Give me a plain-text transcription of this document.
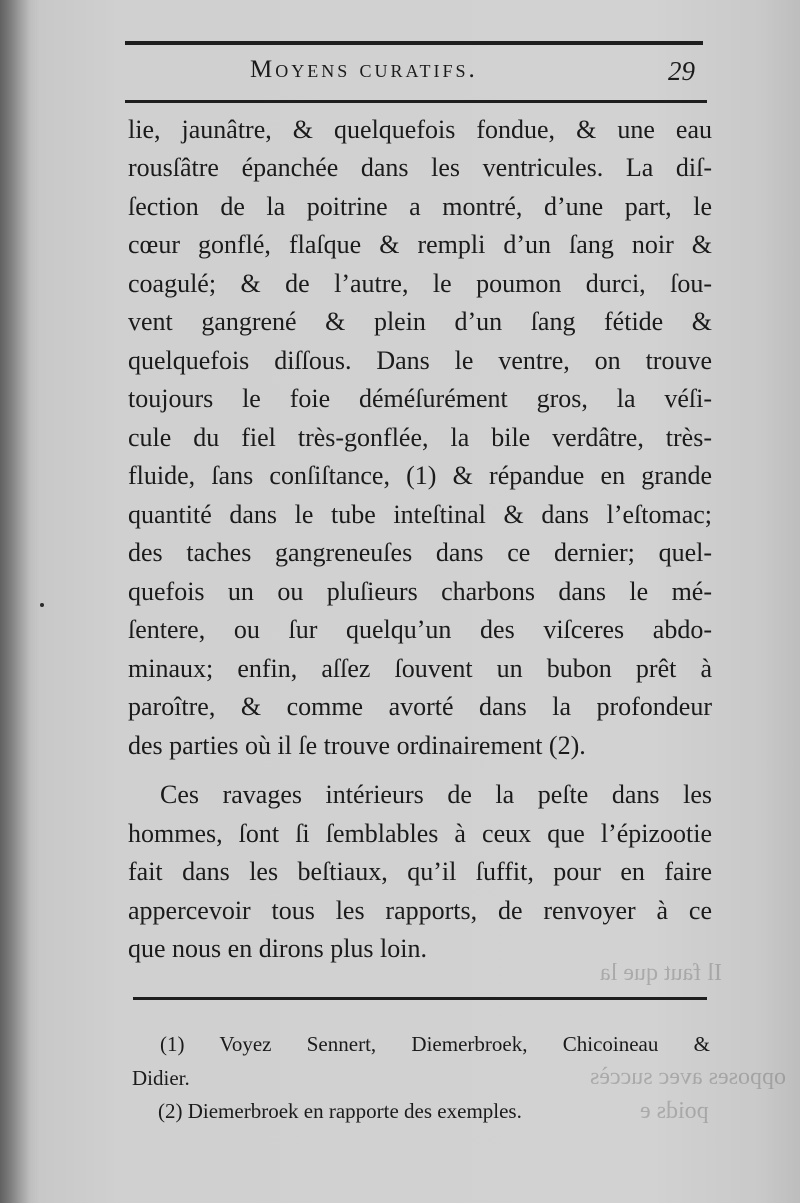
Il faut que la
opposes avec succès
poids e
Moyens curatifs.	29
lie, jaunâtre, & quelquefois fondue, & une eau
rousſâtre épanchée dans les ventricules. La diſ-
ſection de la poitrine a montré, d’une part, le
cœur gonflé, flaſque & rempli d’un ſang noir &
coagulé; & de l’autre, le poumon durci, ſou-
vent gangrené & plein d’un ſang fétide &
quelquefois diſſous. Dans le ventre, on trouve
toujours le foie déméſurément gros, la véſi-
cule du fiel très-gonflée, la bile verdâtre, très-
fluide, ſans conſiſtance, (1) & répandue en grande
quantité dans le tube inteſtinal & dans l’eſtomac;
des taches gangreneuſes dans ce dernier; quel-
quefois un ou pluſieurs charbons dans le mé-
ſentere, ou ſur quelqu’un des viſceres abdo-
minaux; enfin, aſſez ſouvent un bubon prêt à
paroître, & comme avorté dans la profondeur
des parties où il ſe trouve ordinairement (2).
Ces ravages intérieurs de la peſte dans les
hommes, ſont ſi ſemblables à ceux que l’épizootie
fait dans les beſtiaux, qu’il ſuffit, pour en faire
appercevoir tous les rapports, de renvoyer à ce
que nous en dirons plus loin.
(1) Voyez Sennert, Diemerbroek, Chicoineau &
Didier.
(2) Diemerbroek en rapporte des exemples.
